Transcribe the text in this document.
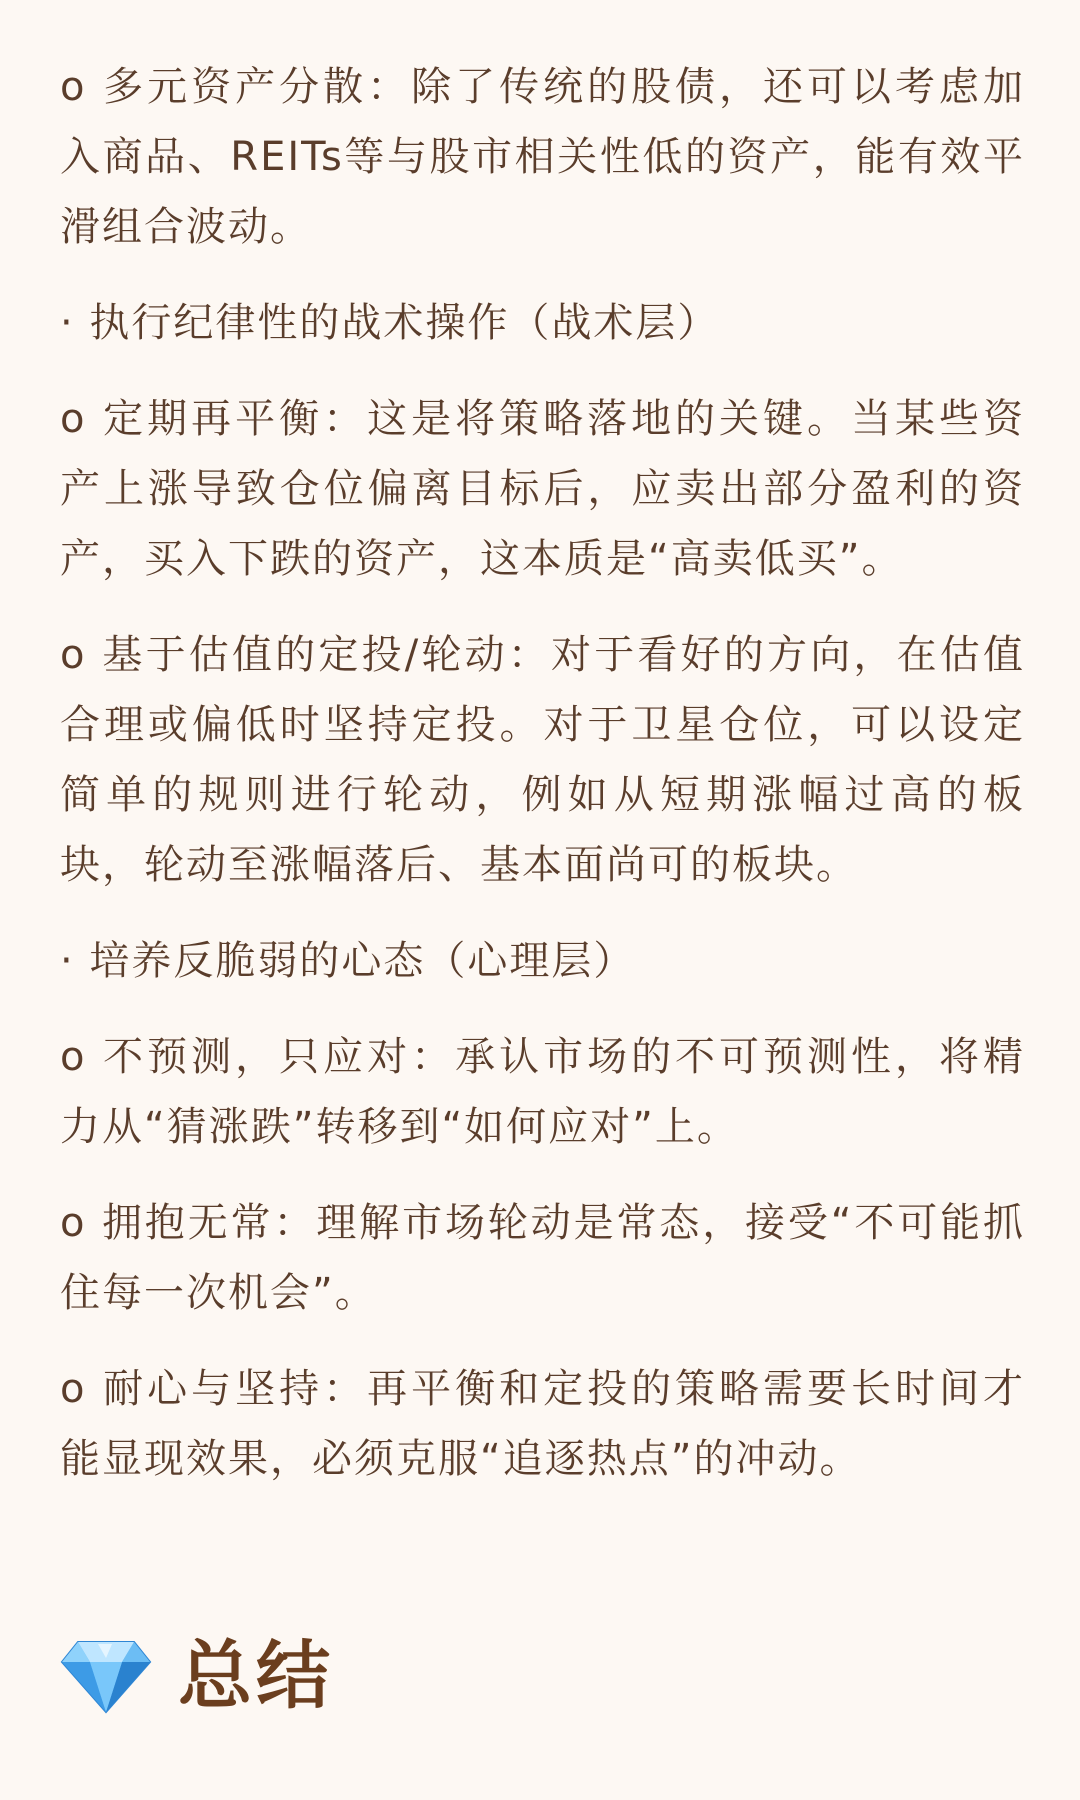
o 多元资产分散：除了传统的股债，还可以考虑加入商品、REITs等与股市相关性低的资产，能有效平滑组合波动。

· 执行纪律性的战术操作（战术层）

o 定期再平衡：这是将策略落地的关键。当某些资产上涨导致仓位偏离目标后，应卖出部分盈利的资产，买入下跌的资产，这本质是“高卖低买”。

o 基于估值的定投/轮动：对于看好的方向，在估值合理或偏低时坚持定投。对于卫星仓位，可以设定简单的规则进行轮动，例如从短期涨幅过高的板块，轮动至涨幅落后、基本面尚可的板块。

· 培养反脆弱的心态（心理层）

o 不预测，只应对：承认市场的不可预测性，将精力从“猜涨跌”转移到“如何应对”上。

o 拥抱无常：理解市场轮动是常态，接受“不可能抓住每一次机会”。

o 耐心与坚持：再平衡和定投的策略需要长时间才能显现效果，必须克服“追逐热点”的冲动。

总结
